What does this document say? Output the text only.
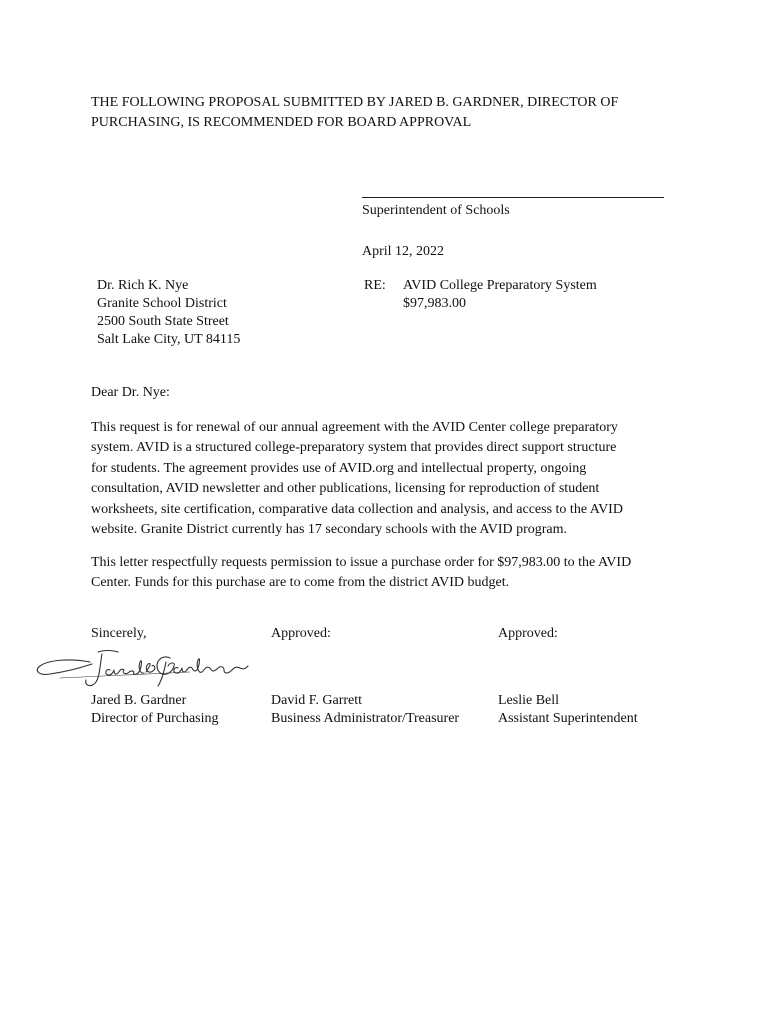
THE FOLLOWING PROPOSAL SUBMITTED BY JARED B. GARDNER, DIRECTOR OF
PURCHASING, IS RECOMMENDED FOR BOARD APPROVAL
Superintendent of Schools
April 12, 2022
Dr. Rich K. Nye
Granite School District
2500 South State Street
Salt Lake City, UT 84115
RE: AVID College Preparatory System
$97,983.00
Dear Dr. Nye:
This request is for renewal of our annual agreement with the AVID Center college preparatory
system. AVID is a structured college-preparatory system that provides direct support structure
for students. The agreement provides use of AVID.org and intellectual property, ongoing
consultation, AVID newsletter and other publications, licensing for reproduction of student
worksheets, site certification, comparative data collection and analysis, and access to the AVID
website. Granite District currently has 17 secondary schools with the AVID program.
This letter respectfully requests permission to issue a purchase order for $97,983.00 to the AVID
Center. Funds for this purchase are to come from the district AVID budget.
Sincerely,	Approved:	Approved:
Jared B. Gardner
Director of Purchasing
David F. Garrett
Business Administrator/Treasurer
Leslie Bell
Assistant Superintendent
